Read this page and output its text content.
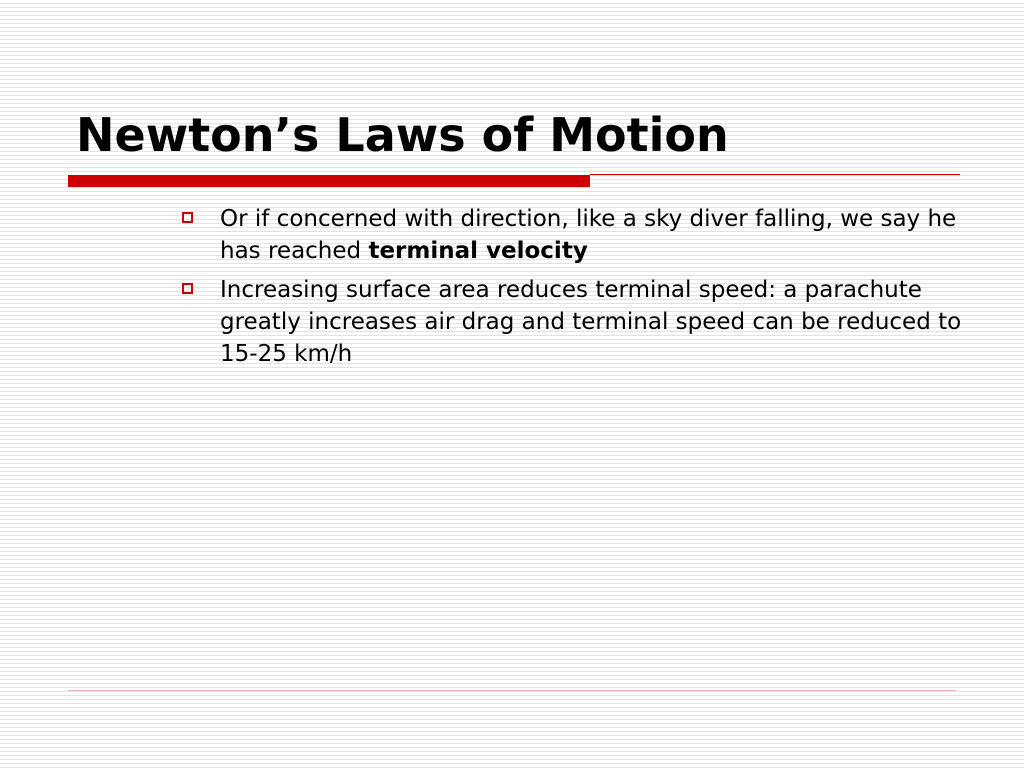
Newton’s Laws of Motion
Or if concerned with direction, like a sky diver falling, we say he has reached terminal velocity
Increasing surface area reduces terminal speed: a parachute greatly increases air drag and terminal speed can be reduced to 15-25 km/h
